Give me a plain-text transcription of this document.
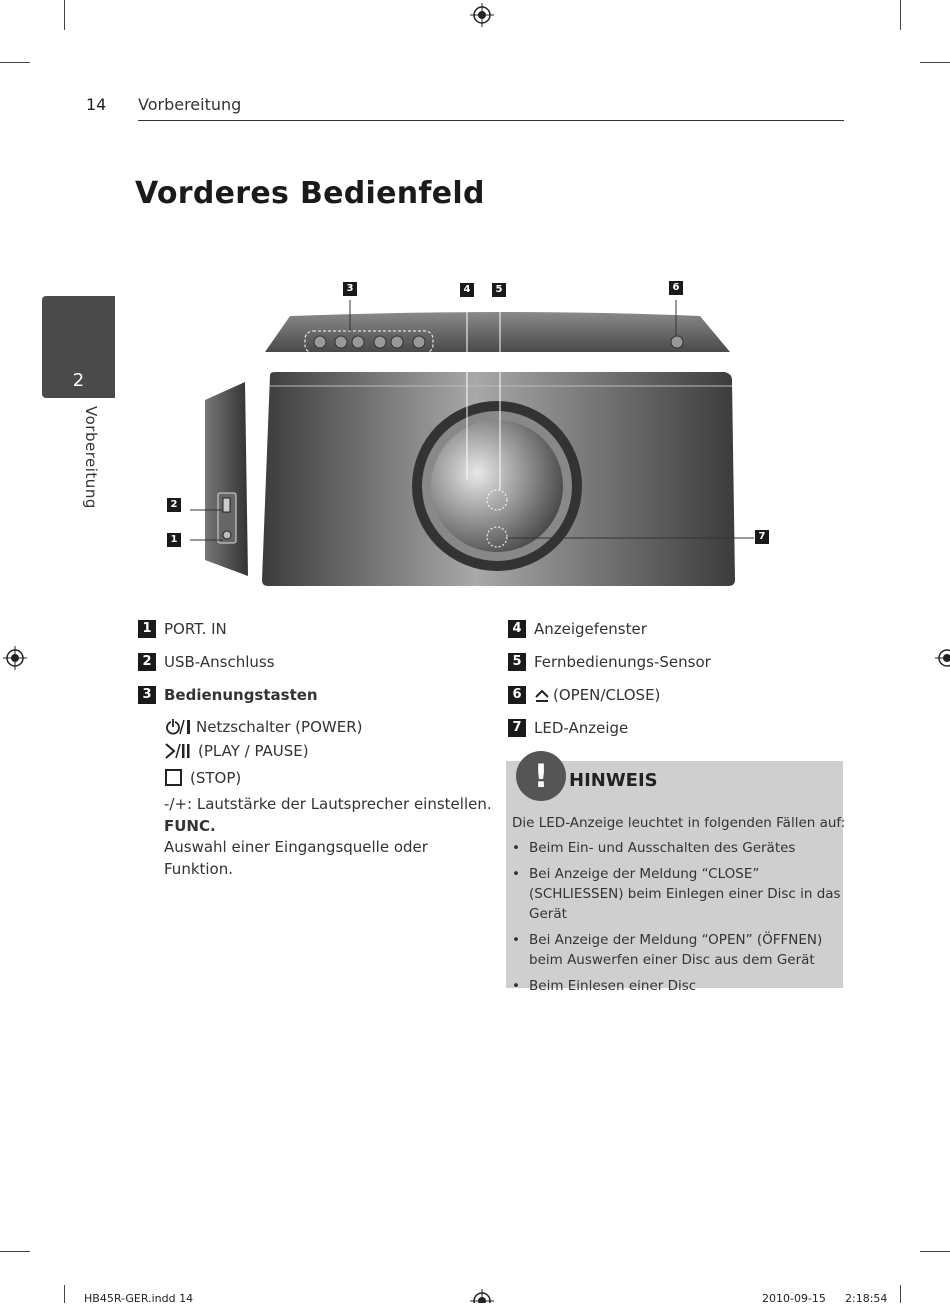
14 Vorbereitung
Vorderes Bedienfeld
2
Vorbereitung
3	4	5	6
2
1	7
1 PORT. IN
2 USB-Anschluss
3 Bedienungstasten
Netzschalter (POWER)
(PLAY / PAUSE)
(STOP)
-/+: Lautstärke der Lautsprecher einstellen.
FUNC.
Auswahl einer Eingangsquelle oder
Funktion.
4 Anzeigefenster
5 Fernbedienungs-Sensor
6 (OPEN/CLOSE)
7 LED-Anzeige
!	HINWEIS
Die LED-Anzeige leuchtet in folgenden Fällen auf:
• Beim Ein- und Ausschalten des Gerätes
• Bei Anzeige der Meldung “CLOSE” (SCHLIESSEN) beim Einlegen einer Disc in das Gerät
• Bei Anzeige der Meldung “OPEN” (ÖFFNEN) beim Auswerfen einer Disc aus dem Gerät
• Beim Einlesen einer Disc
HB45R-GER.indd 14	2010-09-15 2:18:54
